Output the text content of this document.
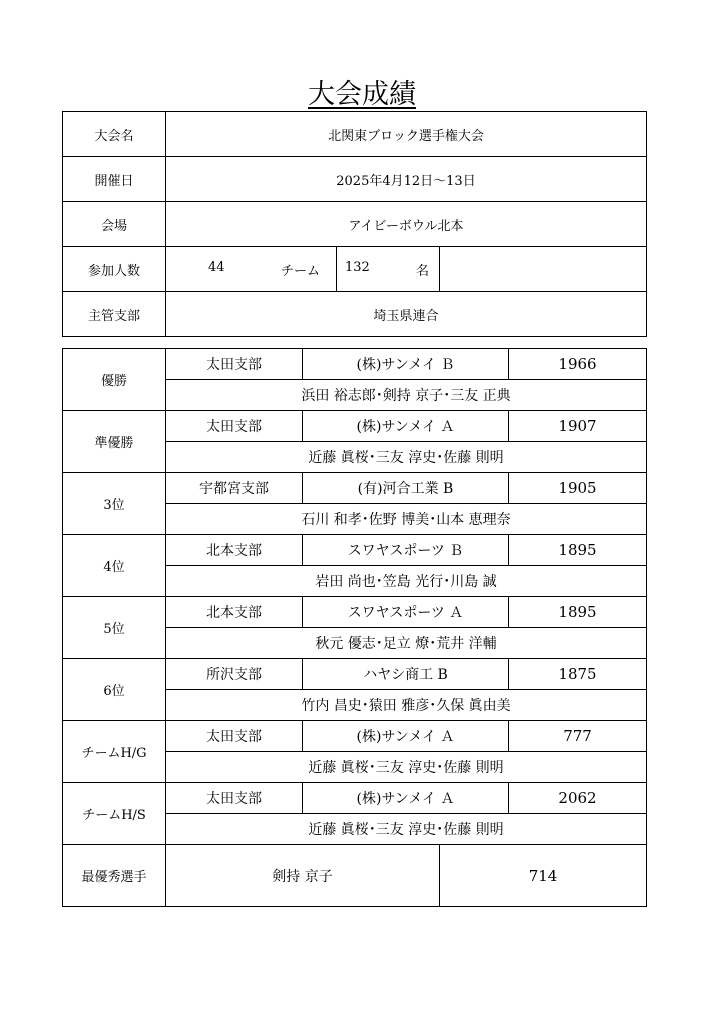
大会成績
大会名	北関東ブロック選手権大会		
開催日	2025年4月12日～13日		
会場	アイビーボウル北本		
参加人数	44 チーム	132 名	

主管支部	埼玉県連合		
優勝	太田支部	(株)サンメイ Ｂ		1966
	浜田 裕志郎･剣持 京子･三友 正典			
準優勝	太田支部	(株)サンメイ Ａ		1907
	近藤 眞桜･三友 淳史･佐藤 則明			
3位	宇都宮支部	(有)河合工業 B		1905
	石川 和孝･佐野 博美･山本 恵理奈			
4位	北本支部	スワヤスポーツ Ｂ		1895
	岩田 尚也･笠島 光行･川島 誠			
5位	北本支部	スワヤスポーツ Ａ		1895
	秋元 優志･足立 燎･荒井 洋輔			
6位	所沢支部	ハヤシ商工 B		1875
	竹内 昌史･猿田 雅彦･久保 眞由美			
チームH/G	太田支部	(株)サンメイ Ａ		777
	近藤 眞桜･三友 淳史･佐藤 則明			
チームH/S	太田支部	(株)サンメイ Ａ		2062
	近藤 眞桜･三友 淳史･佐藤 則明			
最優秀選手	剣持 京子		714	
